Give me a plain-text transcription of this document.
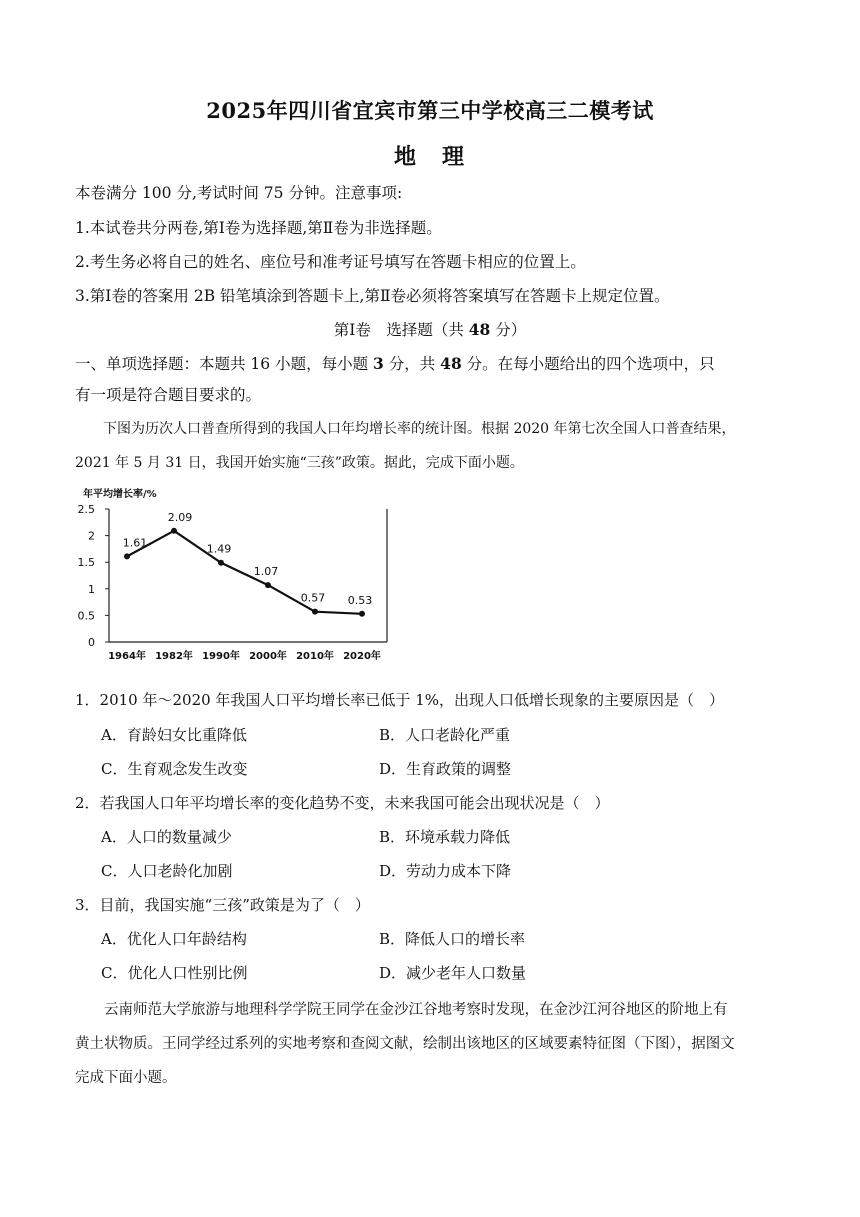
2025年四川省宜宾市第三中学校高三二模考试
地　理
本卷满分 100 分,考试时间 75 分钟。注意事项:
1.本试卷共分两卷,第Ⅰ卷为选择题,第Ⅱ卷为非选择题。
2.考生务必将自己的姓名、座位号和准考证号填写在答题卡相应的位置上。
3.第Ⅰ卷的答案用 2B 铅笔填涂到答题卡上,第Ⅱ卷必须将答案填写在答题卡上规定位置。
第Ⅰ卷　选择题（共 48 分）
一、单项选择题：本题共 16 小题，每小题 3 分，共 48 分。在每小题给出的四个选项中，只
有一项是符合题目要求的。
　　下图为历次人口普查所得到的我国人口年均增长率的统计图。根据 2020 年第七次全国人口普查结果，
2021 年 5 月 31 日，我国开始实施“三孩”政策。据此，完成下面小题。
年平均增长率/%
0
0.5
1
1.5
2
2.5
1964年 1982年 1990年 2000年 2010年 2020年
1.61
2.09
1.49
1.07
0.57 0.53
1．2010 年～2020 年我国人口平均增长率已低于 1%，出现人口低增长现象的主要原因是（　）
A．育龄妇女比重降低	B．人口老龄化严重
C．生育观念发生改变	D．生育政策的调整
2．若我国人口年平均增长率的变化趋势不变，未来我国可能会出现状况是（　）
A．人口的数量减少	B．环境承载力降低
C．人口老龄化加剧	D．劳动力成本下降
3．目前，我国实施“三孩”政策是为了（　）
A．优化人口年龄结构	B．降低人口的增长率
C．优化人口性别比例	D．减少老年人口数量
　　云南师范大学旅游与地理科学学院王同学在金沙江谷地考察时发现，在金沙江河谷地区的阶地上有
黄土状物质。王同学经过系列的实地考察和查阅文献，绘制出该地区的区域要素特征图（下图），据图文
完成下面小题。
